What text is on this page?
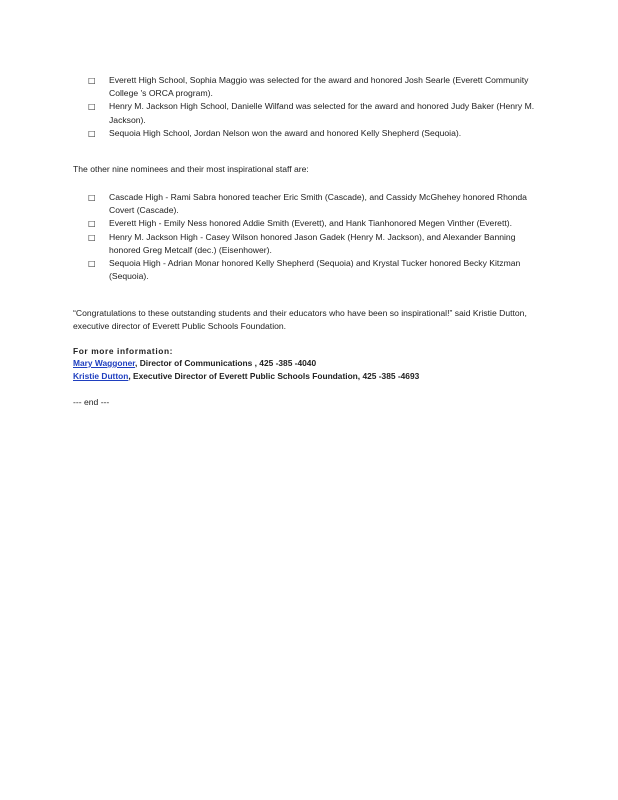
□ Everett High School, Sophia Maggio was selected for the award and honored Josh Searle (Everett Community College 's ORCA program).
□ Henry M. Jackson High School, Danielle Wilfand was selected for the award and honored Judy Baker (Henry M. Jackson).
□ Sequoia High School, Jordan Nelson won the award and honored Kelly Shepherd (Sequoia).

The other nine nominees and their most inspirational staff are:

□ Cascade High - Rami Sabra honored teacher Eric Smith (Cascade), and Cassidy McGhehey honored Rhonda Covert (Cascade).
□ Everett High - Emily Ness honored Addie Smith (Everett), and Hank Tianhonored Megen Vinther (Everett).
□ Henry M. Jackson High - Casey Wilson honored Jason Gadek (Henry M. Jackson), and Alexander Banning honored Greg Metcalf (dec.) (Eisenhower).
□ Sequoia High - Adrian Monar honored Kelly Shepherd (Sequoia) and Krystal Tucker honored Becky Kitzman (Sequoia).

“Congratulations to these outstanding students and their educators who have been so inspirational!” said Kristie Dutton, executive director of Everett Public Schools Foundation.

For more information:

Mary Waggoner, Director of Communications , 425 -385 -4040

Kristie Dutton, Executive Director of Everett Public Schools Foundation, 425 -385 -4693

--- end ---
